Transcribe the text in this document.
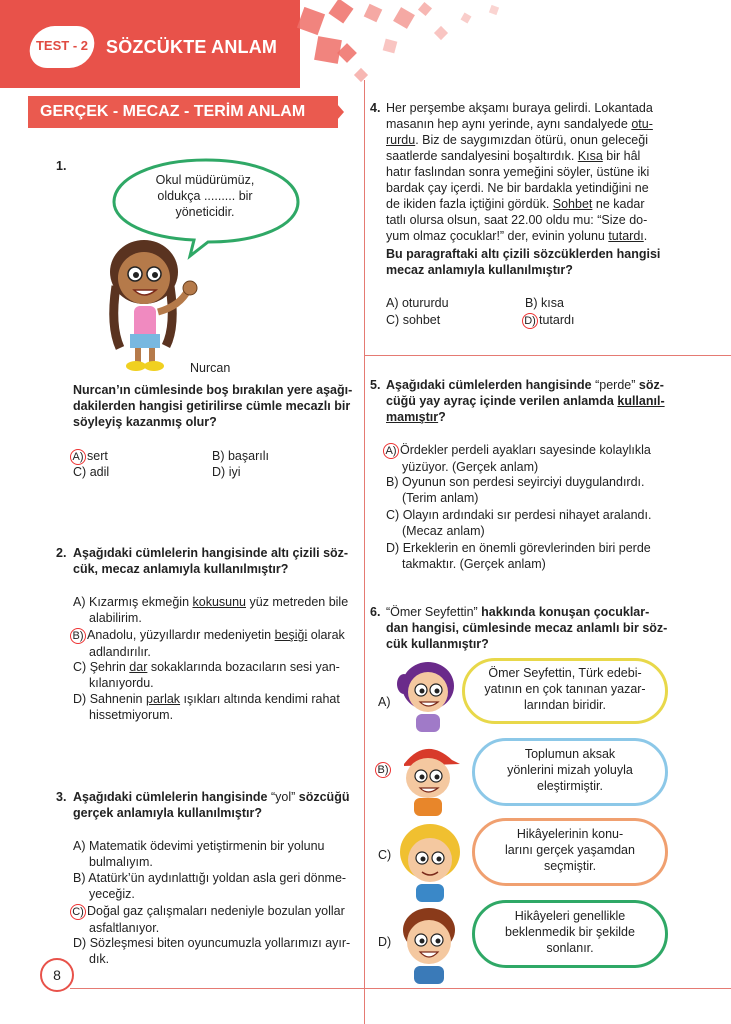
TEST - 2	SÖZCÜKTE ANLAM
GERÇEK - MECAZ - TERİM ANLAM
1.
Okul müdürümüz,
oldukça ......... bir
yöneticidir.
Nurcan
Nurcan’ın cümlesinde boş bırakılan yere aşağı-
dakilerden hangisi getirilirse cümle mecazlı bir
söyleyiş kazanmış olur?
A) sert	B) başarılı
C) adil	D) iyi
2. Aşağıdaki cümlelerin hangisinde altı çizili söz-
cük, mecaz anlamıyla kullanılmıştır?
A) Kızarmış ekmeğin kokusunu yüz metreden bile
alabilirim.
B) Anadolu, yüzyıllardır medeniyetin beşiği olarak
adlandırılır.
C) Şehrin dar sokaklarında bozacıların sesi yan-
kılanıyordu.
D) Sahnenin parlak ışıkları altında kendimi rahat
hissetmiyorum.
3. Aşağıdaki cümlelerin hangisinde “yol” sözcüğü
gerçek anlamıyla kullanılmıştır?
A) Matematik ödevimi yetiştirmenin bir yolunu
bulmalıyım.
B) Atatürk’ün aydınlattığı yoldan asla geri dönme-
yeceğiz.
C) Doğal gaz çalışmaları nedeniyle bozulan yollar
asfaltlanıyor.
D) Sözleşmesi biten oyuncumuzla yollarımızı ayır-
dık.
4. Her perşembe akşamı buraya gelirdi. Lokantada
masanın hep aynı yerinde, aynı sandalyede otu-
rurdu. Biz de saygımızdan ötürü, onun geleceği
saatlerde sandalyesini boşaltırdık. Kısa bir hâl
hatır faslından sonra yemeğini söyler, üstüne iki
bardak çay içerdi. Ne bir bardakla yetindiğini ne
de ikiden fazla içtiğini gördük. Sohbet ne kadar
tatlı olursa olsun, saat 22.00 oldu mu: “Size do-
yum olmaz çocuklar!” der, evinin yolunu tutardı.
Bu paragraftaki altı çizili sözcüklerden hangisi
mecaz anlamıyla kullanılmıştır?
A) otururdu	B) kısa
C) sohbet	D) tutardı
5. Aşağıdaki cümlelerden hangisinde “perde” söz-
cüğü yay ayraç içinde verilen anlamda kullanıl-
mamıştır?
A) Ördekler perdeli ayakları sayesinde kolaylıkla
yüzüyor. (Gerçek anlam)
B) Oyunun son perdesi seyirciyi duygulandırdı.
(Terim anlam)
C) Olayın ardındaki sır perdesi nihayet aralandı.
(Mecaz anlam)
D) Erkeklerin en önemli görevlerinden biri perde
takmaktır. (Gerçek anlam)
6. “Ömer Seyfettin” hakkında konuşan çocuklar-
dan hangisi, cümlesinde mecaz anlamlı bir söz-
cük kullanmıştır?
A)
Ömer Seyfettin, Türk edebi-
yatının en çok tanınan yazar-
larından biridir.
B)
Toplumun aksak
yönlerini mizah yoluyla
eleştirmiştir.
C)
Hikâyelerinin konu-
larını gerçek yaşamdan
seçmiştir.
D)
Hikâyeleri genellikle
beklenmedik bir şekilde
sonlanır.
8
